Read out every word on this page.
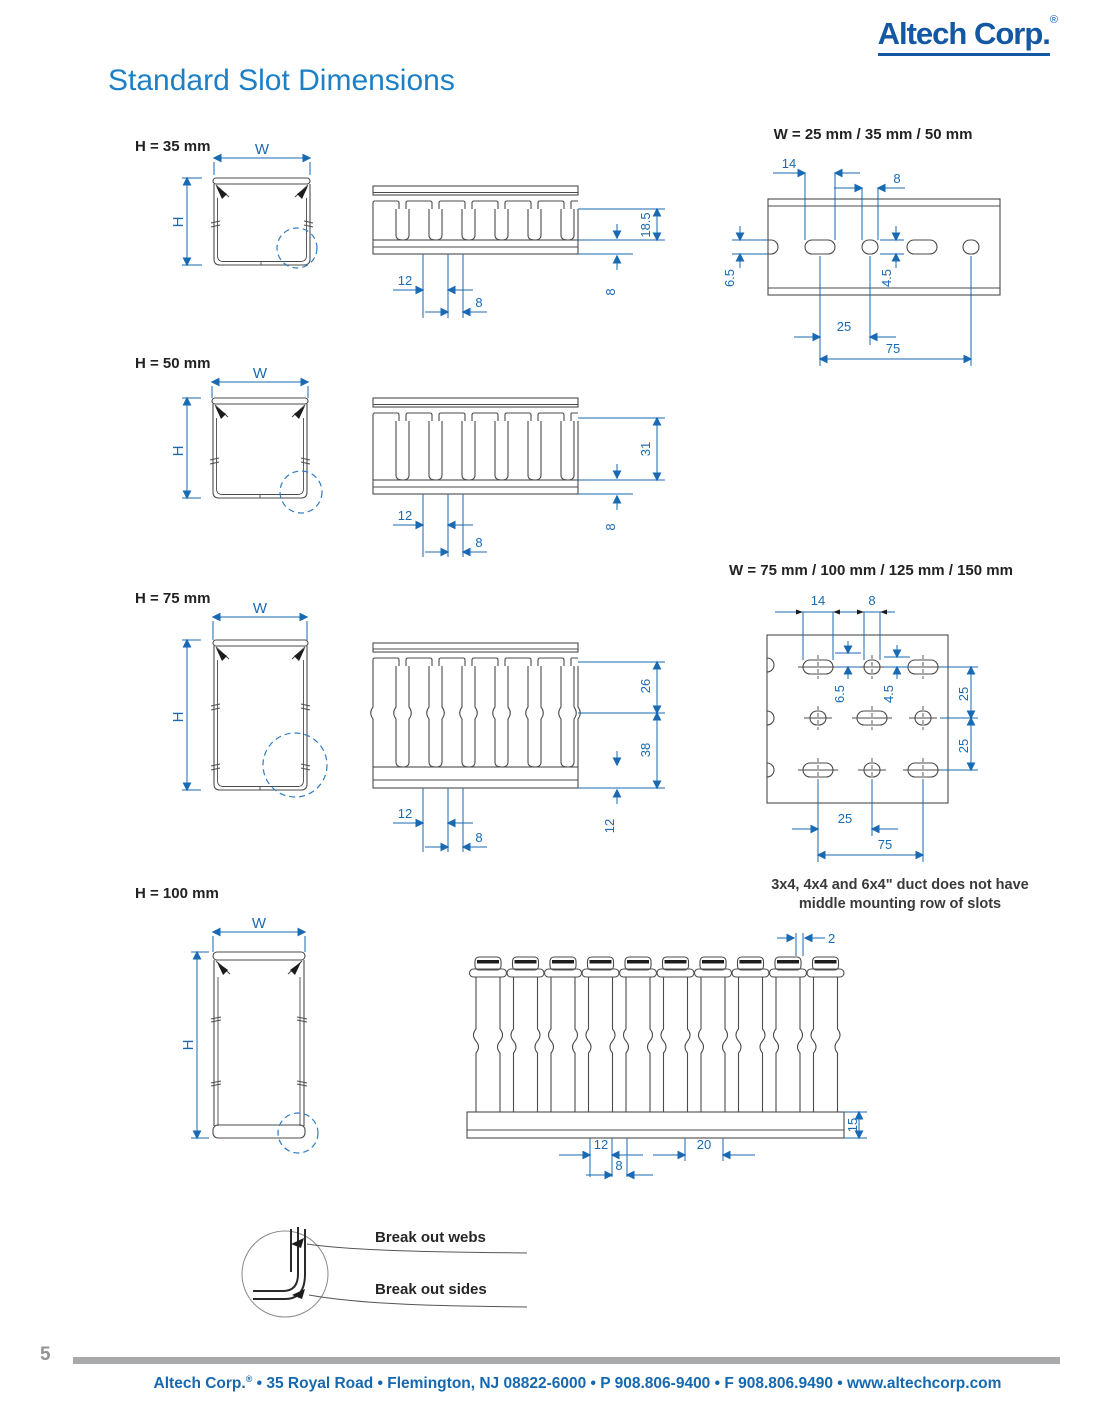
Altech Corp.®
Standard Slot Dimensions
H = 35 mm	W
H	18.5
8
12
8
W = 25 mm / 35 mm / 50 mm
14
8
6.5	4.5
25
75
H = 50 mm
W
H	31
8
12
8
H = 75 mm
W
H
26
38
12
12
8
W = 75 mm / 100 mm / 125 mm / 150 mm
14	8
6.5	4.5	25
25
25
75
3x4, 4x4 and 6x4" duct does not have
middle mounting row of slots
H = 100 mm
W
H
2
15
12
8
20
Break out webs
Break out sides
5
Altech Corp.® • 35 Royal Road • Flemington, NJ 08822-6000 • P 908.806-9400 • F 908.806.9490 • www.altechcorp.com
